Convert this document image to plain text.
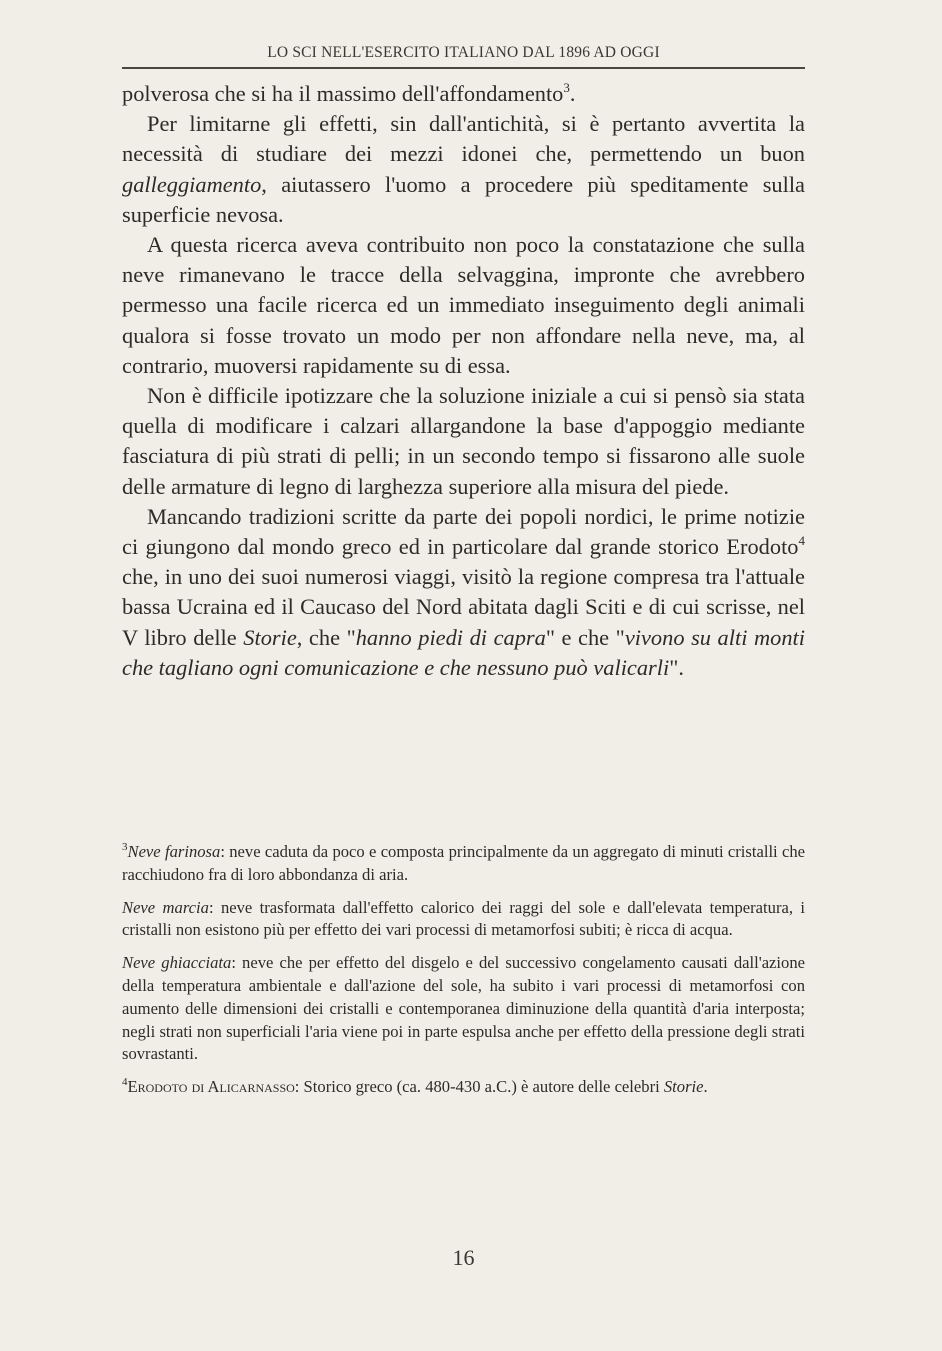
LO SCI NELL'ESERCITO ITALIANO DAL 1896 AD OGGI

polverosa che si ha il massimo dell'affondamento$^3$.

Per limitarne gli effetti, sin dall'antichità, si è pertanto avvertita la necessità di studiare dei mezzi idonei che, permettendo un buon galleggiamento, aiutassero l'uomo a procedere più speditamente sulla superficie nevosa.

A questa ricerca aveva contribuito non poco la constatazione che sulla neve rimanevano le tracce della selvaggina, impronte che avrebbero permesso una facile ricerca ed un immediato inseguimento degli animali qualora si fosse trovato un modo per non affondare nella neve, ma, al contrario, muoversi rapidamente su di essa.

Non è difficile ipotizzare che la soluzione iniziale a cui si pensò sia stata quella di modificare i calzari allargandone la base d'appoggio mediante fasciatura di più strati di pelli; in un secondo tempo si fissarono alle suole delle armature di legno di larghezza superiore alla misura del piede.

Mancando tradizioni scritte da parte dei popoli nordici, le prime notizie ci giungono dal mondo greco ed in particolare dal grande storico Erodoto$^4$ che, in uno dei suoi numerosi viaggi, visitò la regione compresa tra l'attuale bassa Ucraina ed il Caucaso del Nord abitata dagli Sciti e di cui scrisse, nel V libro delle Storie, che "hanno piedi di capra" e che "vivono su alti monti che tagliano ogni comunicazione e che nessuno può valicarli".

$^3$Neve farinosa: neve caduta da poco e composta principalmente da un aggregato di minuti cristalli che racchiudono fra di loro abbondanza di aria.

Neve marcia: neve trasformata dall'effetto calorico dei raggi del sole e dall'elevata temperatura, i cristalli non esistono più per effetto dei vari processi di metamorfosi subiti; è ricca di acqua.

Neve ghiacciata: neve che per effetto del disgelo e del successivo congelamento causati dall'azione della temperatura ambientale e dall'azione del sole, ha subito i vari processi di metamorfosi con aumento delle dimensioni dei cristalli e contemporanea diminuzione della quantità d'aria interposta; negli strati non superficiali l'aria viene poi in parte espulsa anche per effetto della pressione degli strati sovrastanti.

$^4$Erodoto di Alicarnasso: Storico greco (ca. 480-430 a.C.) è autore delle celebri Storie.

16
